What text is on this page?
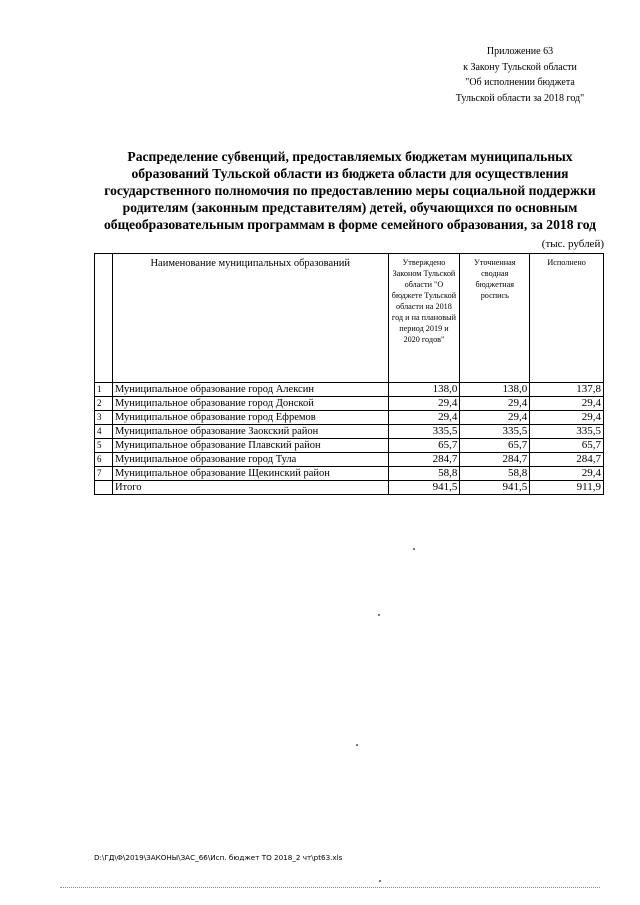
Приложение 63
к Закону Тульской области
"Об исполнении бюджета
Тульской области за 2018 год"
Распределение субвенций, предоставляемых бюджетам муниципальных
образований Тульской области из бюджета области для осуществления
государственного полномочия по предоставлению меры социальной поддержки
родителям (законным представителям) детей, обучающихся по основным
общеобразовательным программам в форме семейного образования, за 2018 год
(тыс. рублей)
	Наименование муниципальных образований	Утверждено Законом Тульской области "О бюджете Тульской области на 2018 год и на плановый период 2019 и 2020 годов"	Уточненная сводная бюджетная роспись	Исполнено
1	Муниципальное образование город Алексин	138,0	138,0	137,8
2	Муниципальное образование город Донской	29,4	29,4	29,4
3	Муниципальное образование город Ефремов	29,4	29,4	29,4
4	Муниципальное образование Заокский район	335,5	335,5	335,5
5	Муниципальное образование Плавский район	65,7	65,7	65,7
6	Муниципальное образование город Тула	284,7	284,7	284,7
7	Муниципальное образование Щекинский район	58,8	58,8	29,4
	Итого	941,5	941,5	911,9
D:\ГД\Ф\2019\ЗАКОНЫ\ЗАС_66\Исп. бюджет ТО 2018_2 чт\pt63.xls
